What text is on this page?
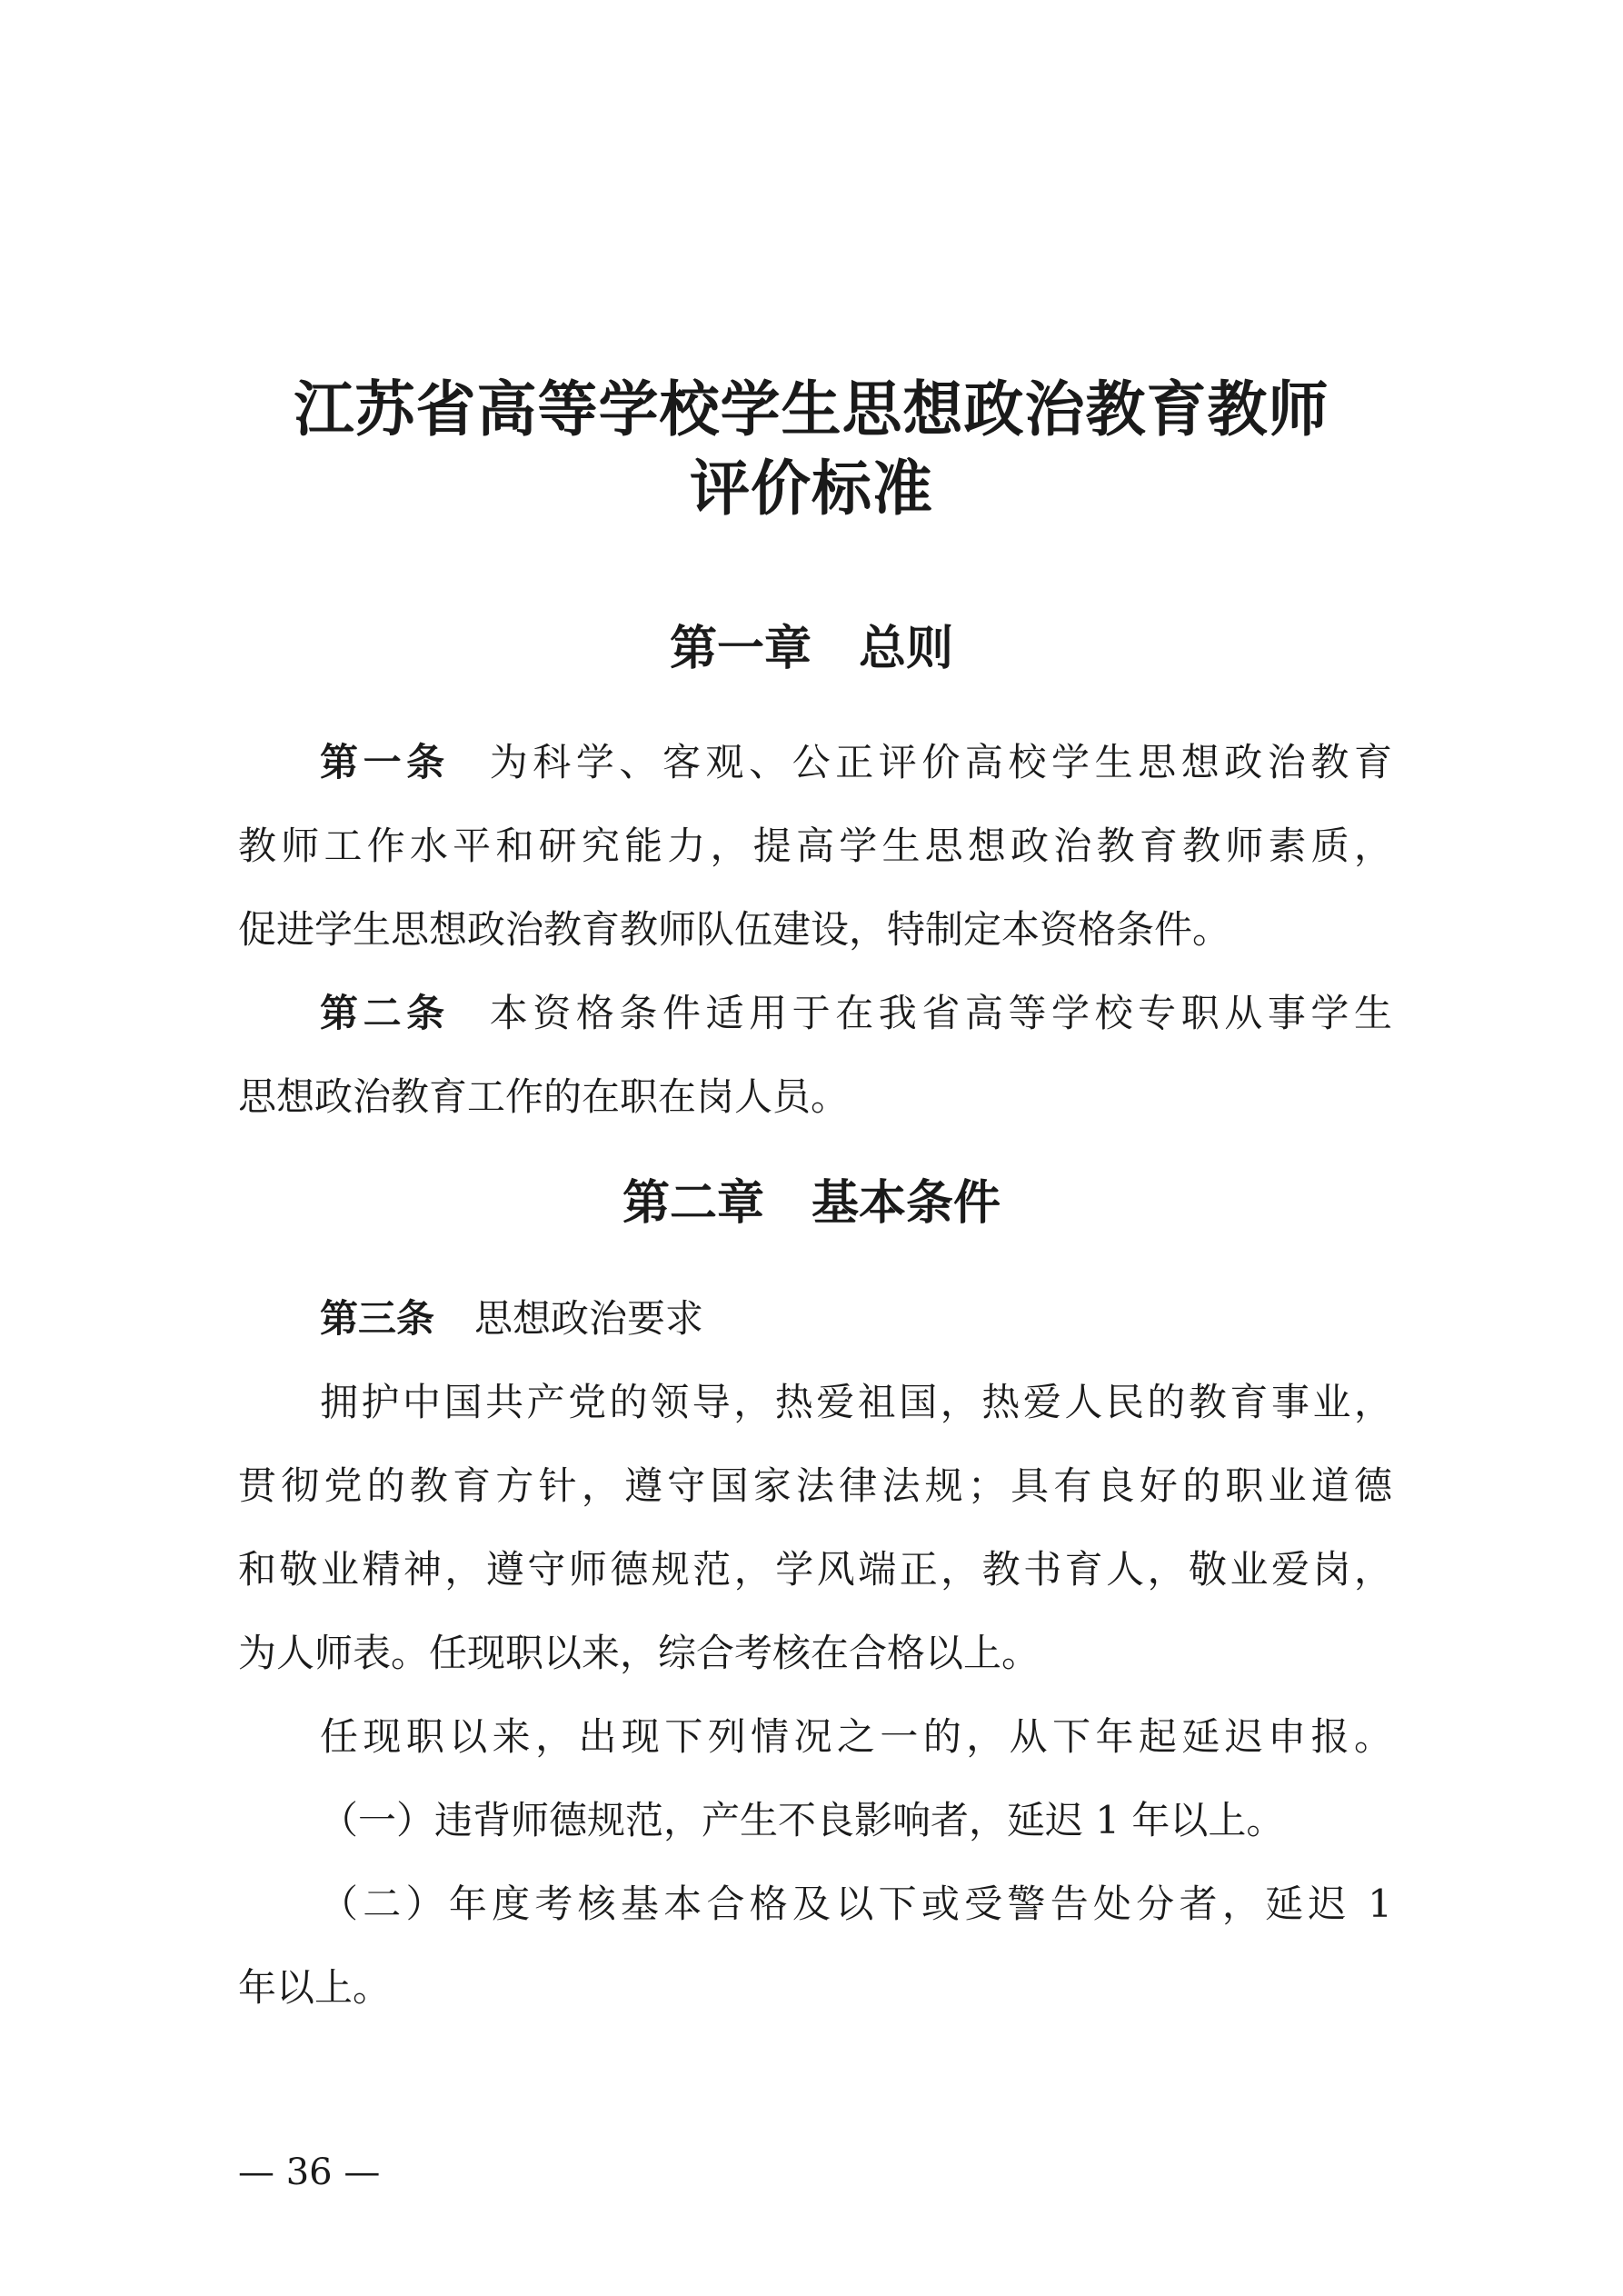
江苏省高等学校学生思想政治教育教师
评价标准
第一章　总则
第一条 为科学、客观、公正评价高校学生思想政治教育
教师工作水平和研究能力，提高学生思想政治教育教师素质，
促进学生思想政治教育教师队伍建设，特制定本资格条件。
第二条 本资格条件适用于在我省高等学校专职从事学生
思想政治教育工作的在职在岗人员。
第二章　基本条件
第三条 思想政治要求
拥护中国共产党的领导，热爱祖国，热爱人民的教育事业，
贯彻党的教育方针，遵守国家法律法规；具有良好的职业道德
和敬业精神，遵守师德规范，学风端正，教书育人，敬业爱岗，
为人师表。任现职以来，综合考核在合格以上。
任现职以来，出现下列情况之一的，从下年起延迟申报。
（一）违背师德规范，产生不良影响者，延迟 1 年以上。
（二）年度考核基本合格及以下或受警告处分者，延迟 1
年以上。
— 36 —
